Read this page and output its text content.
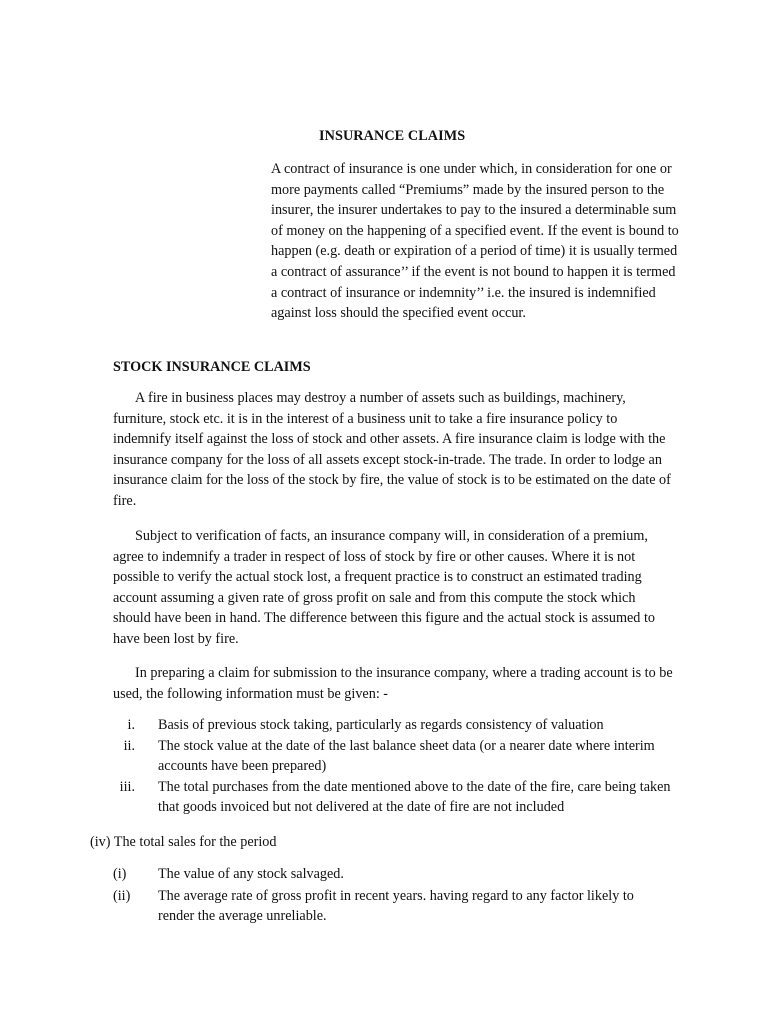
INSURANCE CLAIMS

A contract of insurance is one under which, in consideration for one or more payments called “Premiums” made by the insured person to the insurer, the insurer undertakes to pay to the insured a determinable sum of money on the happening of a specified event. If the event is bound to happen (e.g. death or expiration of a period of time) it is usually termed a contract of assurance’’ if the event is not bound to happen it is termed a contract of insurance or indemnity’’ i.e. the insured is indemnified against loss should the specified event occur.

STOCK INSURANCE CLAIMS

A fire in business places may destroy a number of assets such as buildings, machinery, furniture, stock etc. it is in the interest of a business unit to take a fire insurance policy to indemnify itself against the loss of stock and other assets. A fire insurance claim is lodge with the insurance company for the loss of all assets except stock-in-trade. The trade. In order to lodge an insurance claim for the loss of the stock by fire, the value of stock is to be estimated on the date of fire.

Subject to verification of facts, an insurance company will, in consideration of a premium, agree to indemnify a trader in respect of loss of stock by fire or other causes. Where it is not possible to verify the actual stock lost, a frequent practice is to construct an estimated trading account assuming a given rate of gross profit on sale and from this compute the stock which should have been in hand. The difference between this figure and the actual stock is assumed to have been lost by fire.

In preparing a claim for submission to the insurance company, where a trading account is to be used, the following information must be given: -

i. Basis of previous stock taking, particularly as regards consistency of valuation
ii. The stock value at the date of the last balance sheet data (or a nearer date where interim accounts have been prepared)
iii. The total purchases from the date mentioned above to the date of the fire, care being taken that goods invoiced but not delivered at the date of fire are not included
(iv) The total sales for the period
(i) The value of any stock salvaged.
(ii) The average rate of gross profit in recent years. having regard to any factor likely to render the average unreliable.
